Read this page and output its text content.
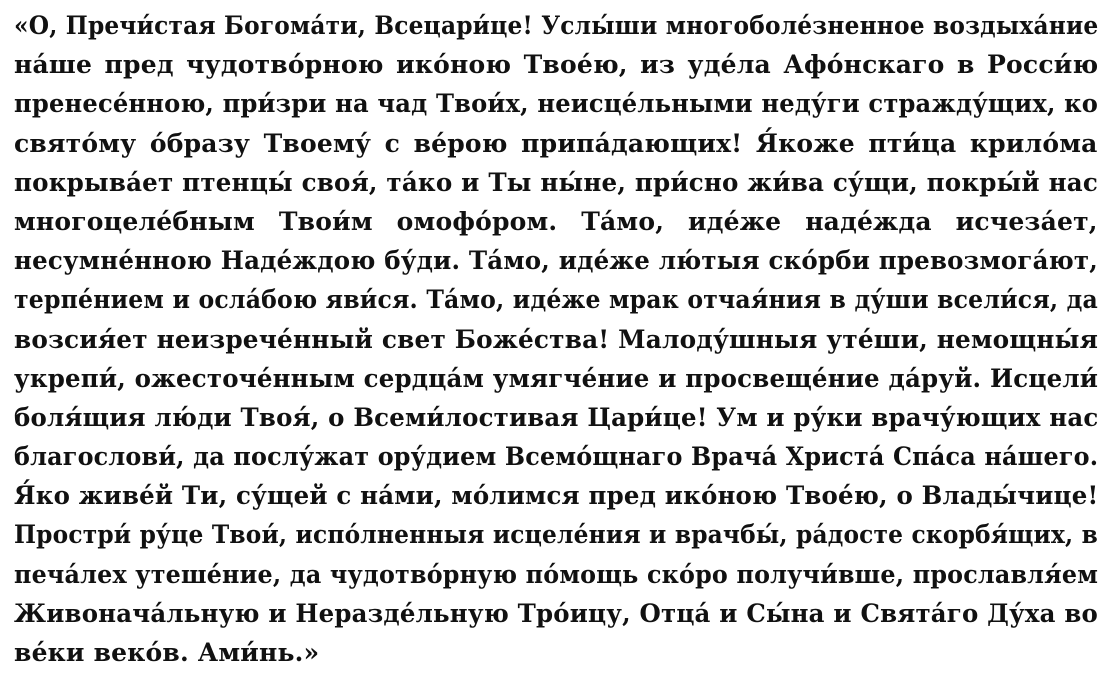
«О, Пречи́стая Богома́ти, Всецари́це! Услы́ши многоболе́зненное воздыха́ние
на́ше пред чудотво́рною ико́ною Твое́ю, из уде́ла Афо́нскаго в Росси́ю
пренесе́нною, при́зри на чад Твои́х, неисце́льными неду́ги стражду́щих, ко
свято́му о́бразу Твоему́ с ве́рою припа́дающих! Я́коже пти́ца крило́ма
покрыва́ет птенцы́ своя́, та́ко и Ты ны́не, при́сно жи́ва су́щи, покры́й нас
многоцеле́бным Твои́м омофо́ром. Та́мо, иде́же наде́жда исчеза́ет,
несумне́нною Наде́ждою бу́ди. Та́мо, иде́же лю́тыя ско́рби превозмога́ют,
терпе́нием и осла́бою яви́ся. Та́мо, иде́же мрак отчая́ния в ду́ши всели́ся, да
возсия́ет неизрече́нный свет Боже́ства! Малоду́шныя уте́ши, немощны́я
укрепи́, ожесточе́нным сердца́м умягче́ние и просвеще́ние да́руй. Исцели́
боля́щия лю́ди Твоя́, о Всеми́лостивая Цари́це! Ум и ру́ки врачу́ющих нас
благослови́, да послу́жат ору́дием Всемо́щнаго Врача́ Христа́ Спа́са на́шего.
Я́ко живе́й Ти, су́щей с на́ми, мо́лимся пред ико́ною Твое́ю, о Влады́чице!
Простри́ ру́це Твои́, испо́лненныя исцеле́ния и врачбы́, ра́досте скорбя́щих, в
печа́лех утеше́ние, да чудотво́рную по́мощь ско́ро получи́вше, прославля́ем
Живонача́льную и Неразде́льную Тро́ицу, Отца́ и Сы́на и Свята́го Ду́ха во
ве́ки веко́в. Ами́нь.»
